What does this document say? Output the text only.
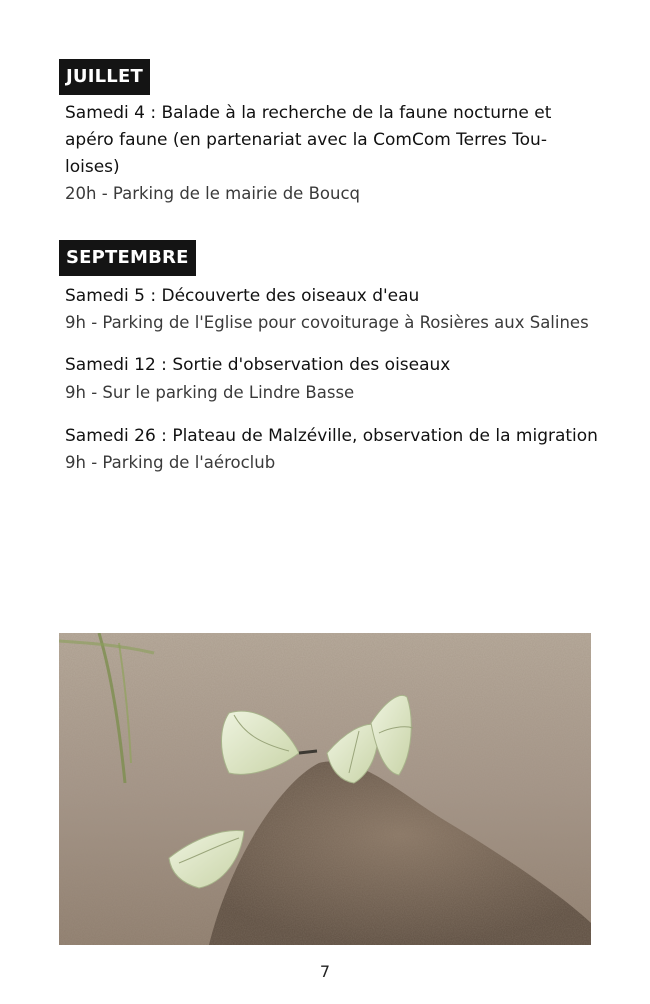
JUILLET
Samedi 4 : Balade à la recherche de la faune nocturne et
apéro faune (en partenariat avec la ComCom Terres Tou-
loises)
20h - Parking de le mairie de Boucq
SEPTEMBRE
Samedi 5 : Découverte des oiseaux d'eau
9h - Parking de l'Eglise pour covoiturage à Rosières aux Salines
Samedi 12 : Sortie d'observation des oiseaux
9h - Sur le parking de Lindre Basse
Samedi 26 : Plateau de Malzéville, observation de la migration
9h - Parking de l'aéroclub
7
